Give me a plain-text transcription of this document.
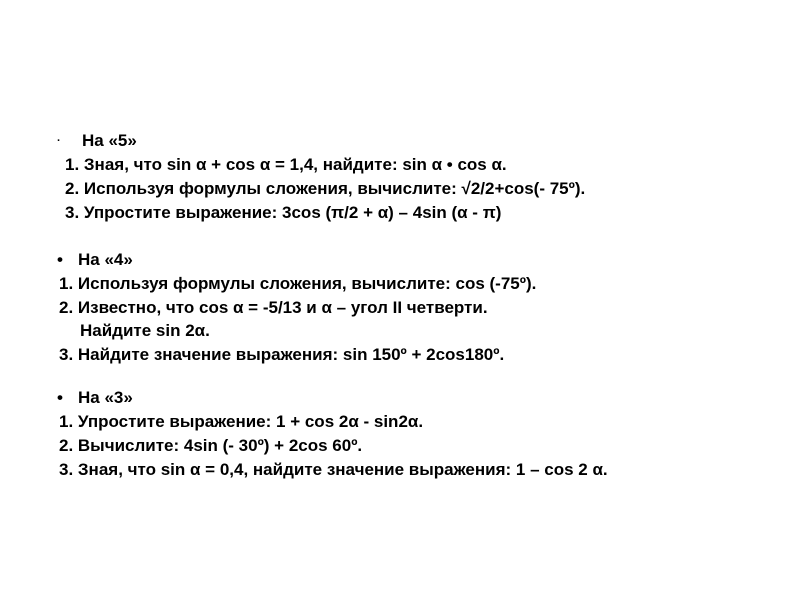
· На «5»
1. Зная, что sin α + cos α = 1,4, найдите: sin α • cos α.
2. Используя формулы сложения, вычислите: √2/2+cos(- 75º).
3. Упростите выражение: 3cos (π/2 + α) – 4sin (α - π)
• На «4»
1. Используя формулы сложения, вычислите: cos (-75º).
2. Известно, что cos α = -5/13 и α – угол II четверти.
Найдите sin 2α.
3. Найдите значение выражения: sin 150º + 2cos180º.
• На «3»
1. Упростите выражение: 1 + cos 2α - sin2α.
2. Вычислите: 4sin (- 30º) + 2cos 60º.
3. Зная, что sin α = 0,4, найдите значение выражения: 1 – cos 2 α.
